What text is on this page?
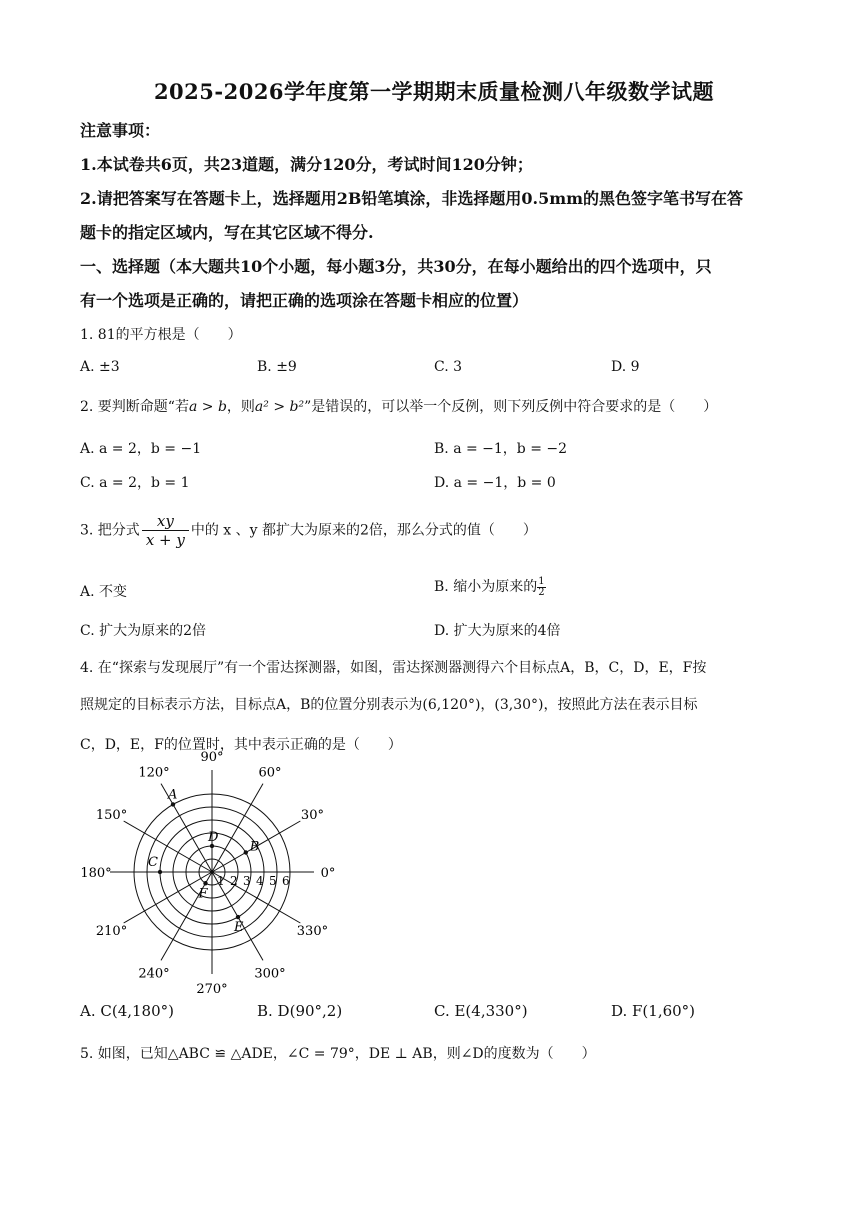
2025-2026学年度第一学期期末质量检测八年级数学试题
注意事项：
1.本试卷共6页，共23道题，满分120分，考试时间120分钟；
2.请把答案写在答题卡上，选择题用2B铅笔填涂，非选择题用0.5mm的黑色签字笔书写在答
题卡的指定区域内，写在其它区域不得分.
一、选择题（本大题共10个小题，每小题3分，共30分，在每小题给出的四个选项中，只
有一个选项是正确的，请把正确的选项涂在答题卡相应的位置）
1. 81的平方根是（　　）
A. ±3	B. ±9	C. 3	D. 9
2. 要判断命题“若a > b，则a² > b²”是错误的，可以举一个反例，则下列反例中符合要求的是（　　）
A. a = 2，b = −1	B. a = −1，b = −2
C. a = 2，b = 1	D. a = −1，b = 0
3. 把分式 $\frac{xy}{x + y}$ 中的 x 、y 都扩大为原来的2倍，那么分式的值（　　）
A. 不变	B. 缩小为原来的 $\frac{1}{2}$
C. 扩大为原来的2倍	D. 扩大为原来的4倍
4. 在“探索与发现展厅”有一个雷达探测器，如图，雷达探测器测得六个目标点A，B，C，D，E，F按
照规定的目标表示方法，目标点A，B的位置分别表示为(6,120°)，(3,30°)，按照此方法在表示目标
C，D，E，F的位置时，其中表示正确的是（　　）
0°
30°
60°
90°
120°
150°
180°
210°
240°
270°
300°
330°
1 2 3 4 5 6
A
B
C
D
E
F
A. C(4,180°)	B. D(90°,2)	C. E(4,330°)	D. F(1,60°)
5. 如图，已知△ABC ≌ △ADE，∠C = 79°，DE ⊥ AB，则∠D的度数为（　　）
